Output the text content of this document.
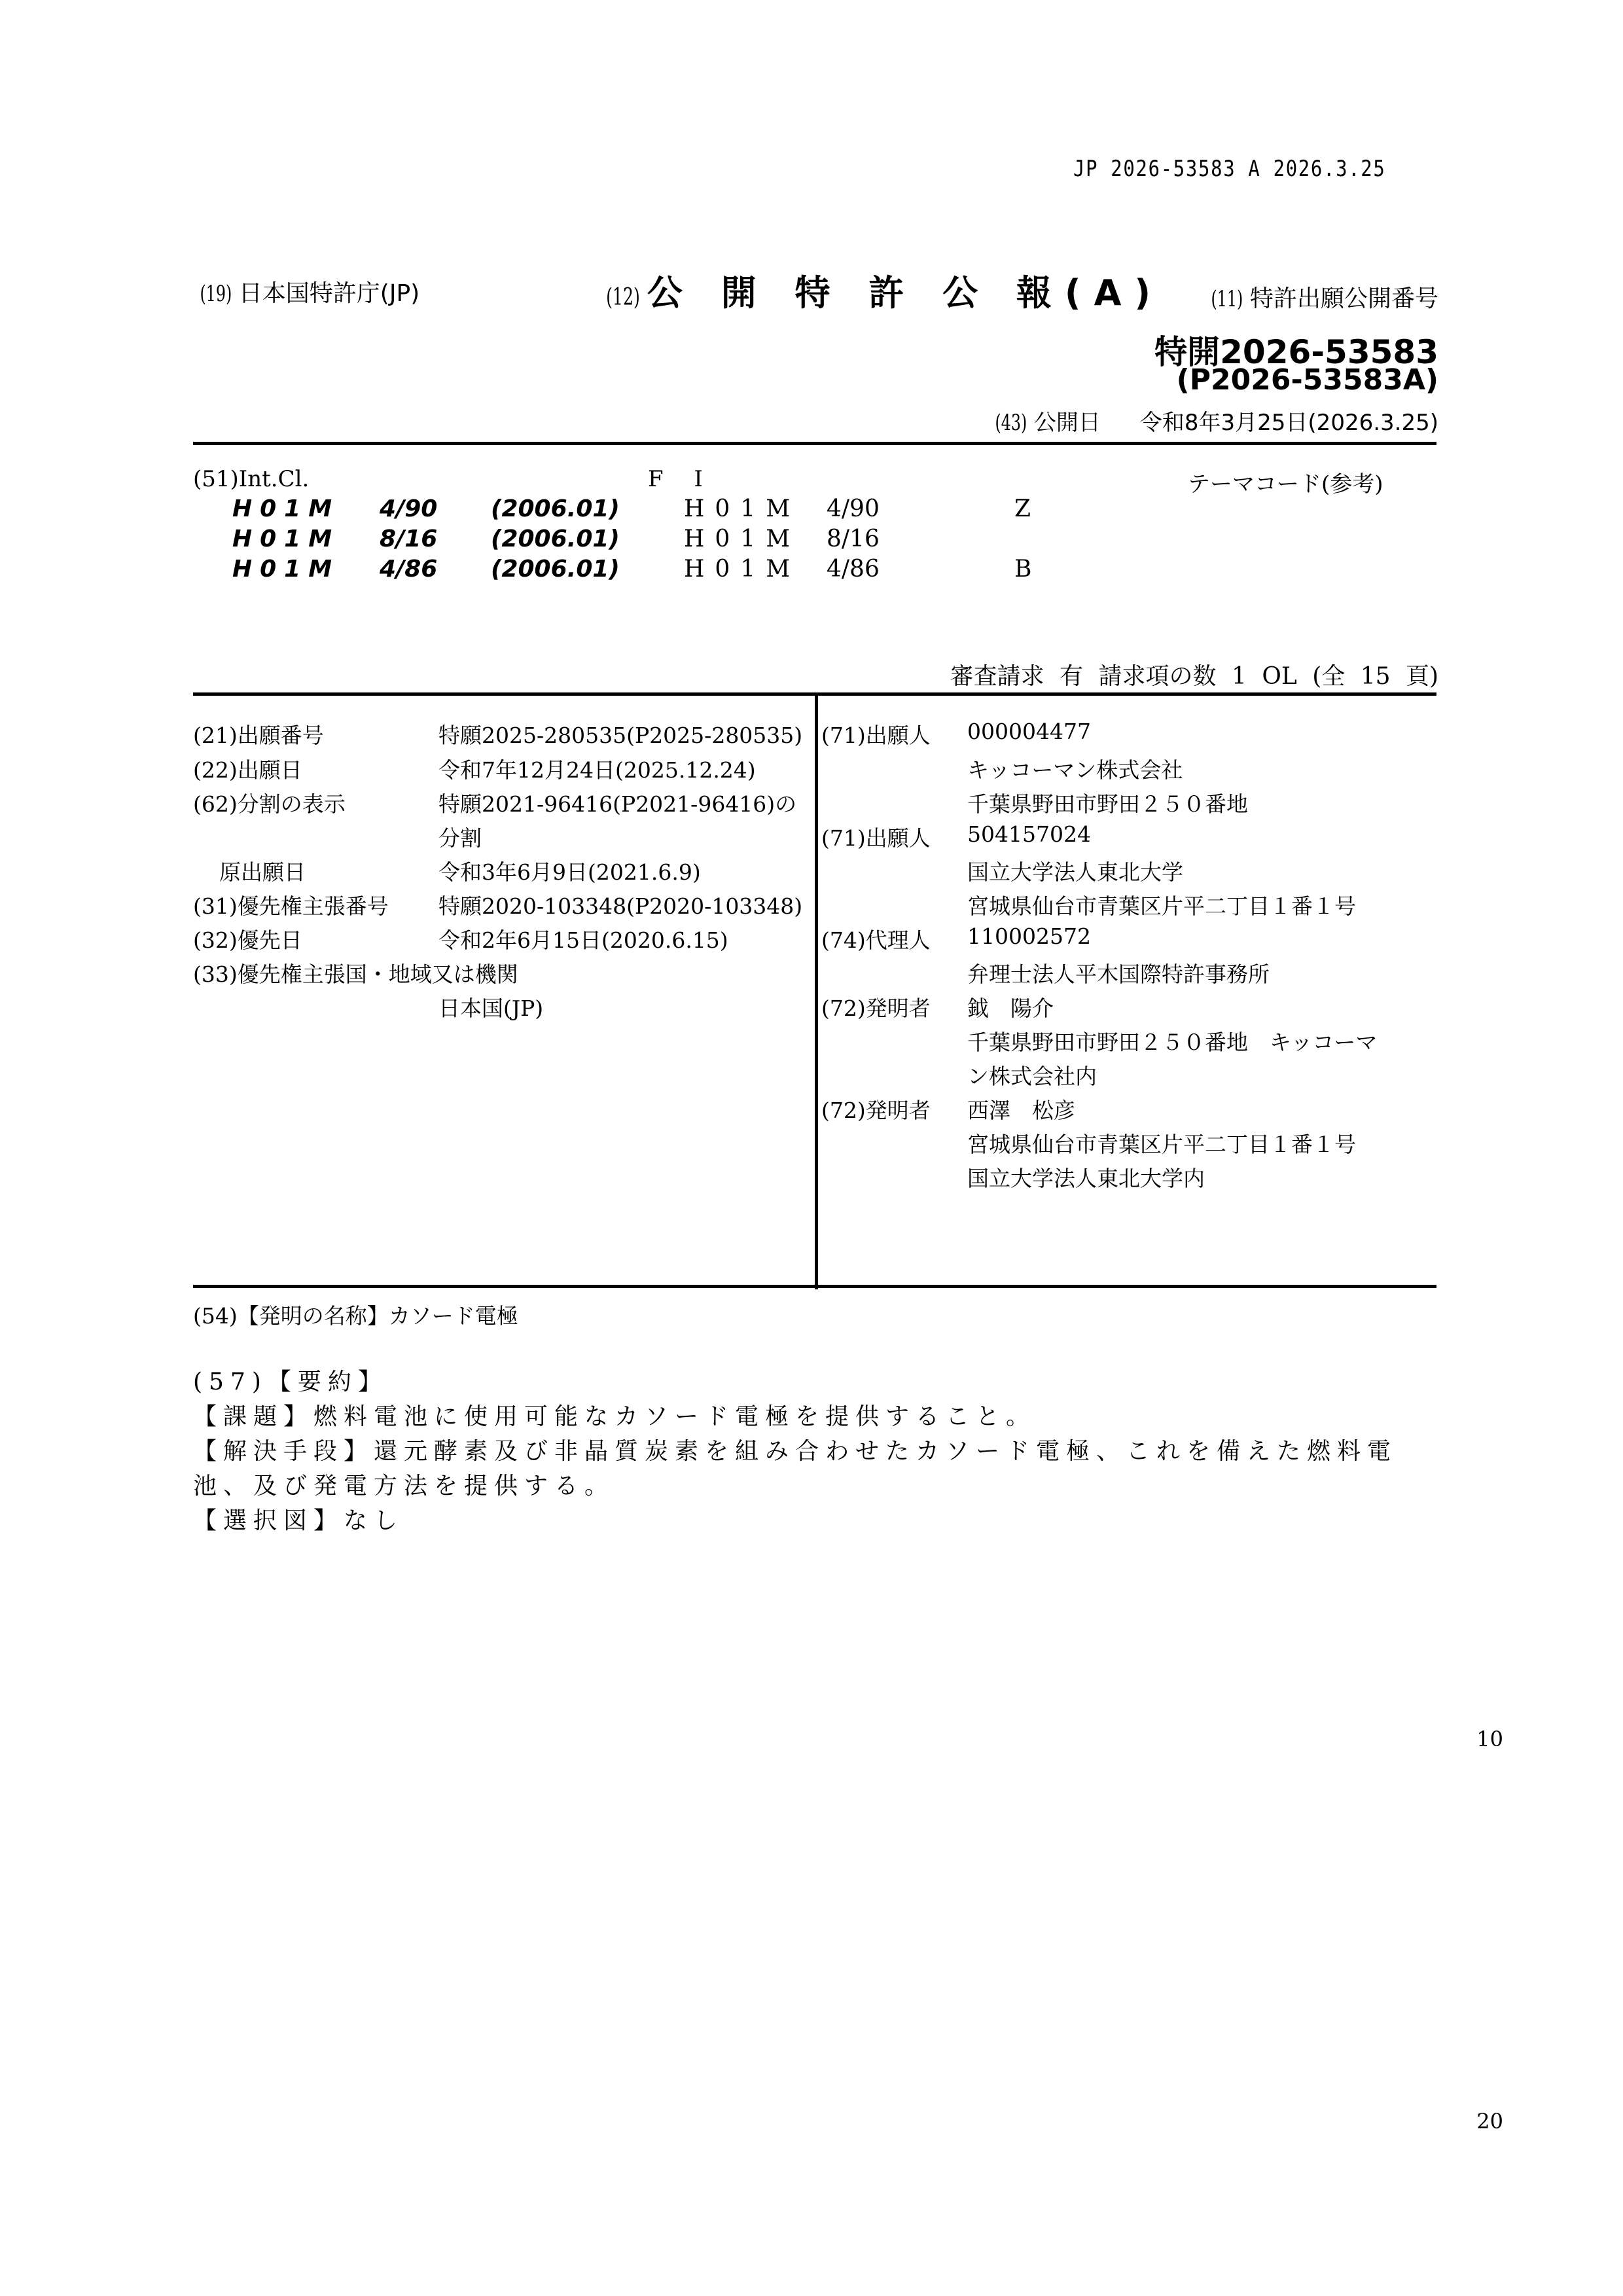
JP 2026-53583 A 2026.3.25
(19) 日本国特許庁(JP)	(12) 公 開 特 許 公 報(A)	(11) 特許出願公開番号
特開2026-53583
(P2026-53583A)
(43) 公開日 令和8年3月25日(2026.3.25)
(51)Int.Cl.	F I	テーマコード(参考)
H01M 4/90 (2006.01)	H01M 4/90	Z
H01M 8/16 (2006.01)	H01M 8/16
H01M 4/86 (2006.01)	H01M 4/86	B
審査請求 有 請求項の数 1 OL (全 15 頁)
(21)出願番号	特願2025-280535(P2025-280535)
(22)出願日	令和7年12月24日(2025.12.24)
(62)分割の表示	特願2021-96416(P2021-96416)の
分割
原出願日	令和3年6月9日(2021.6.9)
(31)優先権主張番号 特願2020-103348(P2020-103348)
(32)優先日	令和2年6月15日(2020.6.15)
(33)優先権主張国・地域又は機関
日本国(JP)
(71)出願人 000004477
キッコーマン株式会社
千葉県野田市野田２５０番地
(71)出願人 504157024
国立大学法人東北大学
宮城県仙台市青葉区片平二丁目１番１号
(74)代理人 110002572
弁理士法人平木国際特許事務所
(72)発明者 鉞　陽介
千葉県野田市野田２５０番地　キッコーマ
ン株式会社内
(72)発明者 西澤　松彦
宮城県仙台市青葉区片平二丁目１番１号
国立大学法人東北大学内
(54)【発明の名称】カソード電極
(57)【要約】
【課題】燃料電池に使用可能なカソード電極を提供すること。
【解決手段】還元酵素及び非晶質炭素を組み合わせたカソード電極、これを備えた燃料電
池、及び発電方法を提供する。
【選択図】なし
10
20
